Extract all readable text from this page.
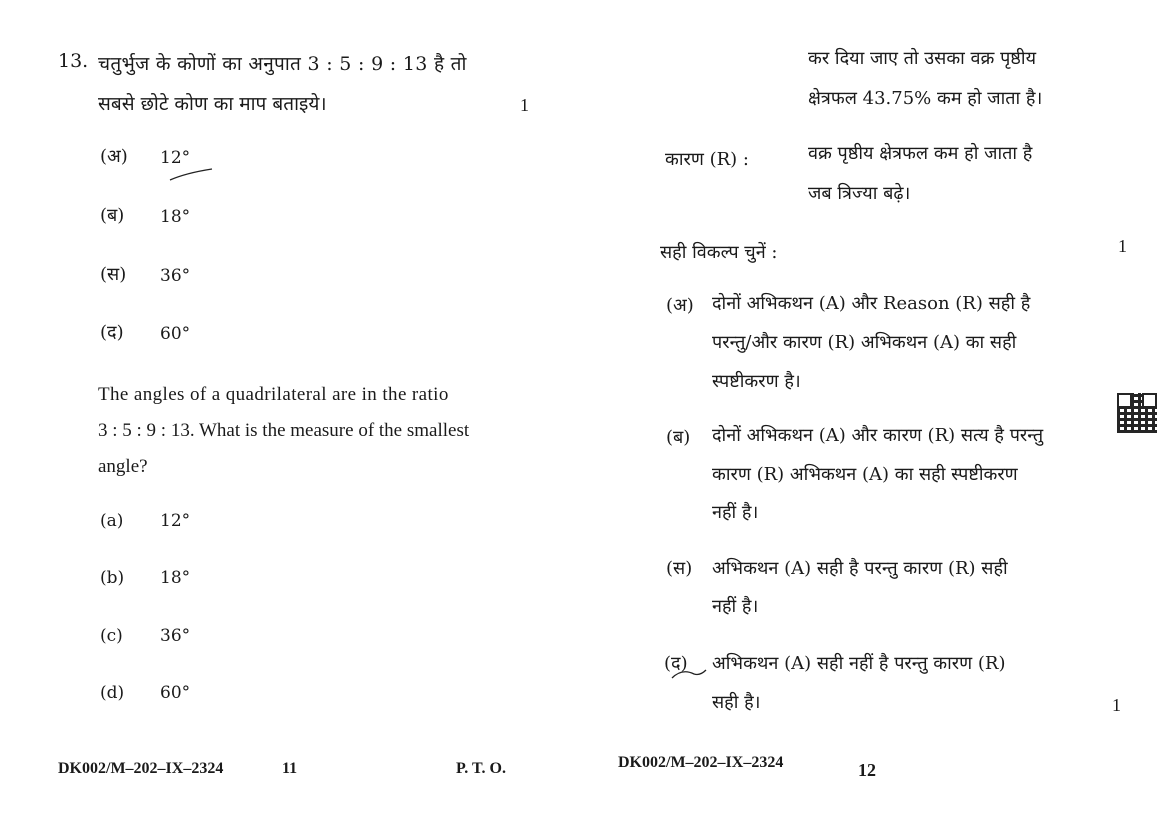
13. चतुर्भुज के कोणों का अनुपात 3 : 5 : 9 : 13 है तो
सबसे छोटे कोण का माप बताइये।	1
(अ) 12°
(ब) 18°
(स) 36°
(द) 60°
The angles of a quadrilateral are in the ratio
3 : 5 : 9 : 13. What is the measure of the smallest
angle?
(a) 12°
(b) 18°
(c) 36°
(d) 60°
DK002/M–202–IX–2324	11	P. T. O.
कर दिया जाए तो उसका वक्र पृष्ठीय
क्षेत्रफल 43.75% कम हो जाता है।
कारण (R) :	वक्र पृष्ठीय क्षेत्रफल कम हो जाता है
जब त्रिज्या बढ़े।
सही विकल्प चुनें :	1
(अ) दोनों अभिकथन (A) और Reason (R) सही है
परन्तु/और कारण (R) अभिकथन (A) का सही
स्पष्टीकरण है।
(ब) दोनों अभिकथन (A) और कारण (R) सत्य है परन्तु
कारण (R) अभिकथन (A) का सही स्पष्टीकरण
नहीं है।
(स) अभिकथन (A) सही है परन्तु कारण (R) सही
नहीं है।
(द) अभिकथन (A) सही नहीं है परन्तु कारण (R)
सही है।	1
DK002/M–202–IX–2324	12
